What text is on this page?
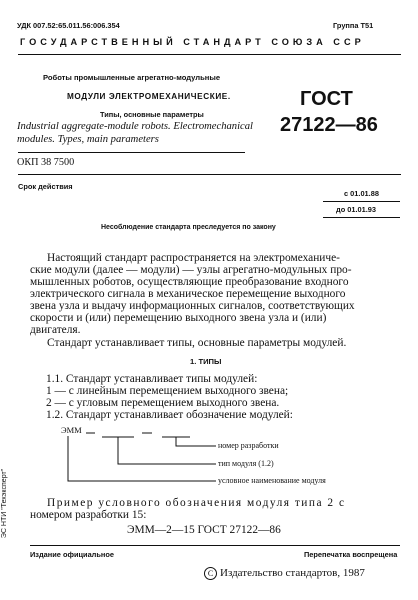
УДК 007.52:65.011.56:006.354	Группа Т51
ГОСУДАРСТВЕННЫЙ СТАНДАРТ СОЮЗА ССР
Роботы промышленные агрегатно-модульные
МОДУЛИ ЭЛЕКТРОМЕХАНИЧЕСКИЕ.
Типы, основные параметры
Industrial aggregate-module robots. Electromechanical
modules. Types, main parameters
ГОСТ
27122—86
ОКП 38 7500
Срок действия
с 01.01.88
до 01.01.93
Несоблюдение стандарта преследуется по закону
Настоящий стандарт распространяется на электромеханиче-
ские модули (далее — модули) — узлы агрегатно-модульных про-
мышленных роботов, осуществляющие преобразование входного
электрического сигнала в механическое перемещение выходного
звена узла и выдачу информационных сигналов, соответствующих
скорости и (или) перемещению выходного звена узла и (или)
двигателя.
Стандарт устанавливает типы, основные параметры модулей.
1. ТИПЫ
1.1. Стандарт устанавливает типы модулей:
1 — с линейным перемещением выходного звена;
2 — с угловым перемещением выходного звена.
1.2. Стандарт устанавливает обозначение модулей:
ЭММ
номер разработки
тип модуля (1.2)
условное наименование модуля
Пример условного обозначения модуля типа 2 с
номером разработки 15:
ЭММ—2—15 ГОСТ 27122—86
Издание официальное	Перепечатка воспрещена
С Издательство стандартов, 1987
ЭС НТИ "Техэксперт"
